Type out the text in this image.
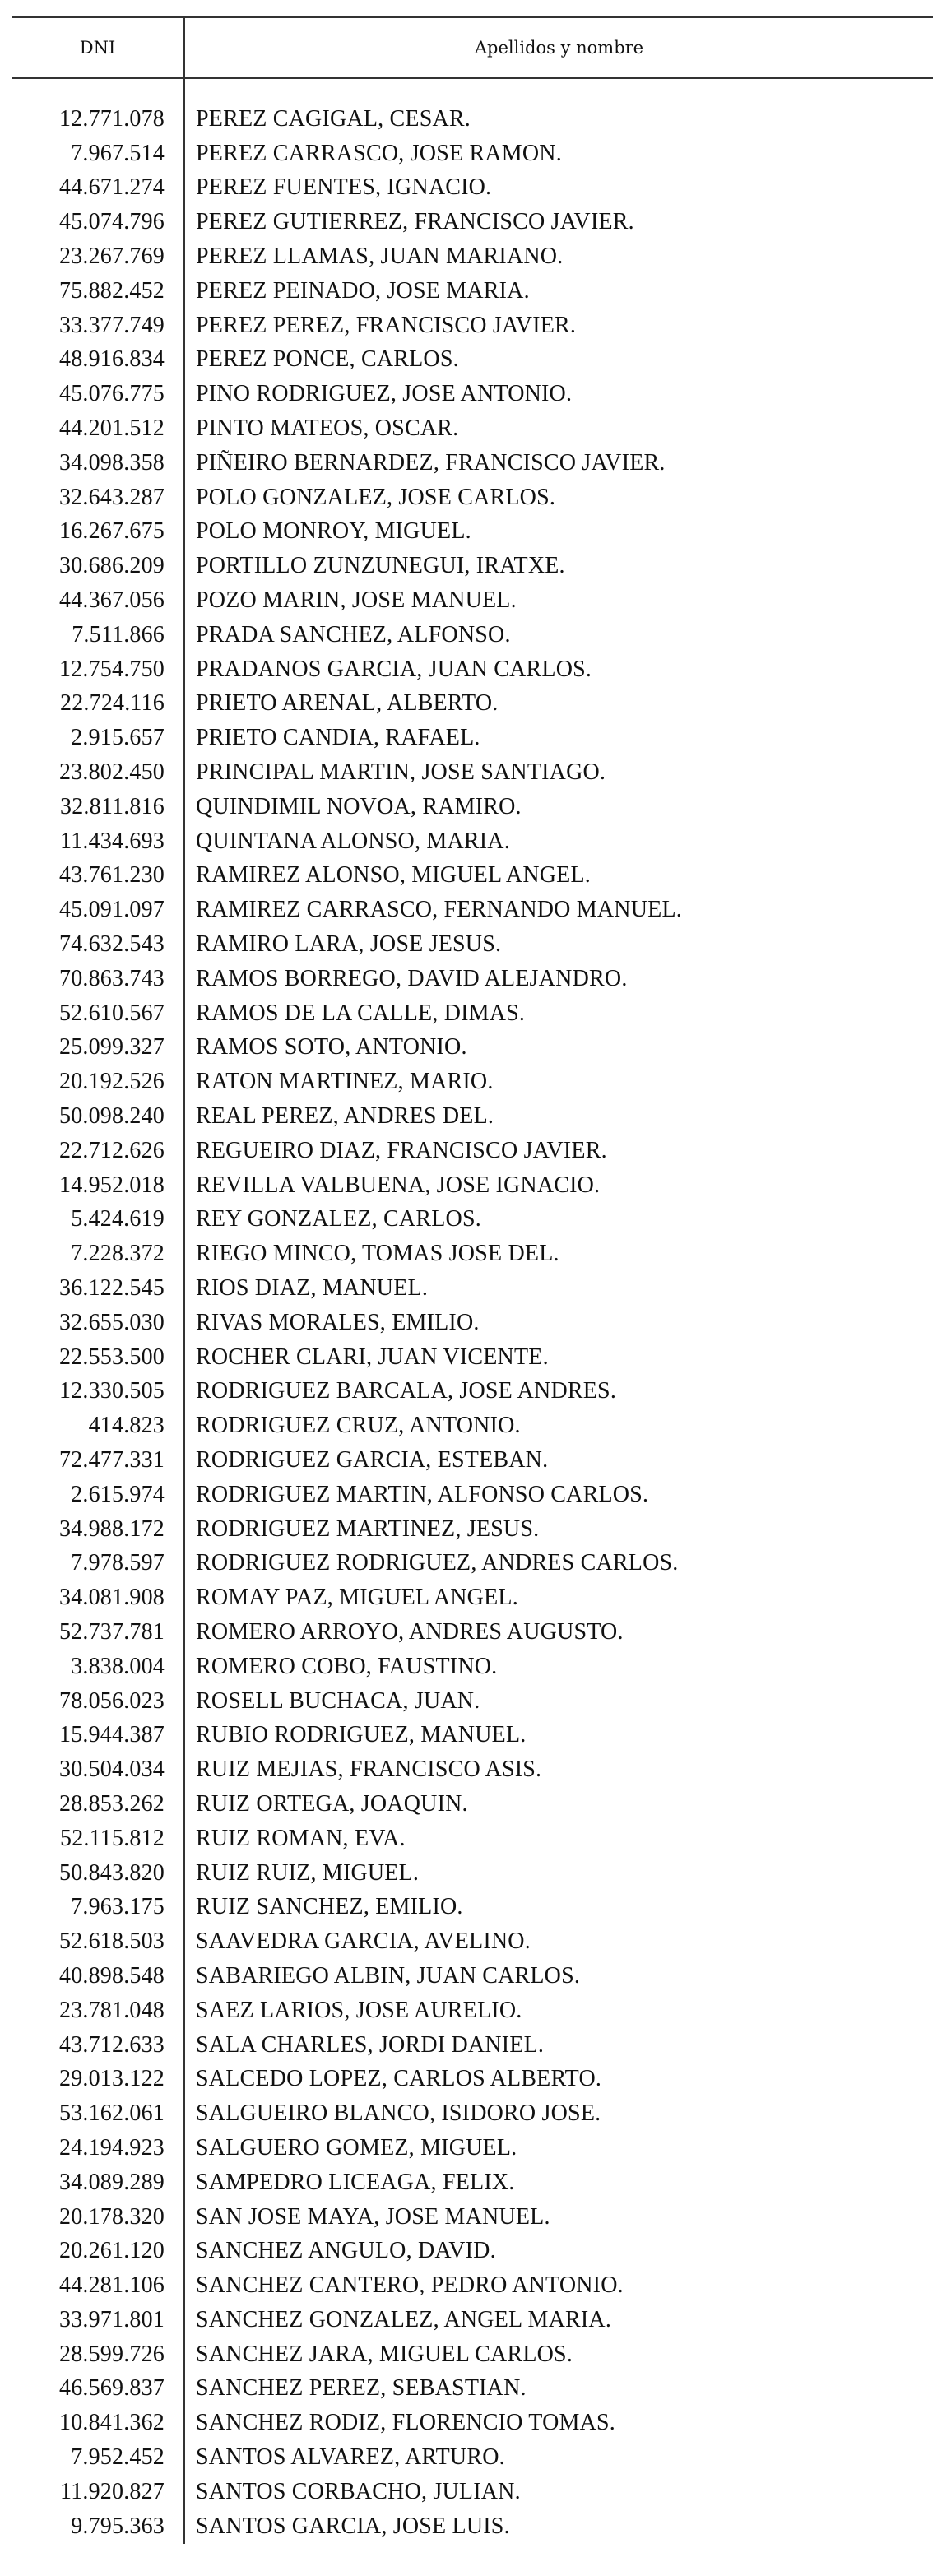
DNI	Apellidos y nombre
12.771.078	PEREZ CAGIGAL, CESAR.
7.967.514	PEREZ CARRASCO, JOSE RAMON.
44.671.274	PEREZ FUENTES, IGNACIO.
45.074.796	PEREZ GUTIERREZ, FRANCISCO JAVIER.
23.267.769	PEREZ LLAMAS, JUAN MARIANO.
75.882.452	PEREZ PEINADO, JOSE MARIA.
33.377.749	PEREZ PEREZ, FRANCISCO JAVIER.
48.916.834	PEREZ PONCE, CARLOS.
45.076.775	PINO RODRIGUEZ, JOSE ANTONIO.
44.201.512	PINTO MATEOS, OSCAR.
34.098.358	PIÑEIRO BERNARDEZ, FRANCISCO JAVIER.
32.643.287	POLO GONZALEZ, JOSE CARLOS.
16.267.675	POLO MONROY, MIGUEL.
30.686.209	PORTILLO ZUNZUNEGUI, IRATXE.
44.367.056	POZO MARIN, JOSE MANUEL.
7.511.866	PRADA SANCHEZ, ALFONSO.
12.754.750	PRADANOS GARCIA, JUAN CARLOS.
22.724.116	PRIETO ARENAL, ALBERTO.
2.915.657	PRIETO CANDIA, RAFAEL.
23.802.450	PRINCIPAL MARTIN, JOSE SANTIAGO.
32.811.816	QUINDIMIL NOVOA, RAMIRO.
11.434.693	QUINTANA ALONSO, MARIA.
43.761.230	RAMIREZ ALONSO, MIGUEL ANGEL.
45.091.097	RAMIREZ CARRASCO, FERNANDO MANUEL.
74.632.543	RAMIRO LARA, JOSE JESUS.
70.863.743	RAMOS BORREGO, DAVID ALEJANDRO.
52.610.567	RAMOS DE LA CALLE, DIMAS.
25.099.327	RAMOS SOTO, ANTONIO.
20.192.526	RATON MARTINEZ, MARIO.
50.098.240	REAL PEREZ, ANDRES DEL.
22.712.626	REGUEIRO DIAZ, FRANCISCO JAVIER.
14.952.018	REVILLA VALBUENA, JOSE IGNACIO.
5.424.619	REY GONZALEZ, CARLOS.
7.228.372	RIEGO MINCO, TOMAS JOSE DEL.
36.122.545	RIOS DIAZ, MANUEL.
32.655.030	RIVAS MORALES, EMILIO.
22.553.500	ROCHER CLARI, JUAN VICENTE.
12.330.505	RODRIGUEZ BARCALA, JOSE ANDRES.
414.823	RODRIGUEZ CRUZ, ANTONIO.
72.477.331	RODRIGUEZ GARCIA, ESTEBAN.
2.615.974	RODRIGUEZ MARTIN, ALFONSO CARLOS.
34.988.172	RODRIGUEZ MARTINEZ, JESUS.
7.978.597	RODRIGUEZ RODRIGUEZ, ANDRES CARLOS.
34.081.908	ROMAY PAZ, MIGUEL ANGEL.
52.737.781	ROMERO ARROYO, ANDRES AUGUSTO.
3.838.004	ROMERO COBO, FAUSTINO.
78.056.023	ROSELL BUCHACA, JUAN.
15.944.387	RUBIO RODRIGUEZ, MANUEL.
30.504.034	RUIZ MEJIAS, FRANCISCO ASIS.
28.853.262	RUIZ ORTEGA, JOAQUIN.
52.115.812	RUIZ ROMAN, EVA.
50.843.820	RUIZ RUIZ, MIGUEL.
7.963.175	RUIZ SANCHEZ, EMILIO.
52.618.503	SAAVEDRA GARCIA, AVELINO.
40.898.548	SABARIEGO ALBIN, JUAN CARLOS.
23.781.048	SAEZ LARIOS, JOSE AURELIO.
43.712.633	SALA CHARLES, JORDI DANIEL.
29.013.122	SALCEDO LOPEZ, CARLOS ALBERTO.
53.162.061	SALGUEIRO BLANCO, ISIDORO JOSE.
24.194.923	SALGUERO GOMEZ, MIGUEL.
34.089.289	SAMPEDRO LICEAGA, FELIX.
20.178.320	SAN JOSE MAYA, JOSE MANUEL.
20.261.120	SANCHEZ ANGULO, DAVID.
44.281.106	SANCHEZ CANTERO, PEDRO ANTONIO.
33.971.801	SANCHEZ GONZALEZ, ANGEL MARIA.
28.599.726	SANCHEZ JARA, MIGUEL CARLOS.
46.569.837	SANCHEZ PEREZ, SEBASTIAN.
10.841.362	SANCHEZ RODIZ, FLORENCIO TOMAS.
7.952.452	SANTOS ALVAREZ, ARTURO.
11.920.827	SANTOS CORBACHO, JULIAN.
9.795.363	SANTOS GARCIA, JOSE LUIS.
